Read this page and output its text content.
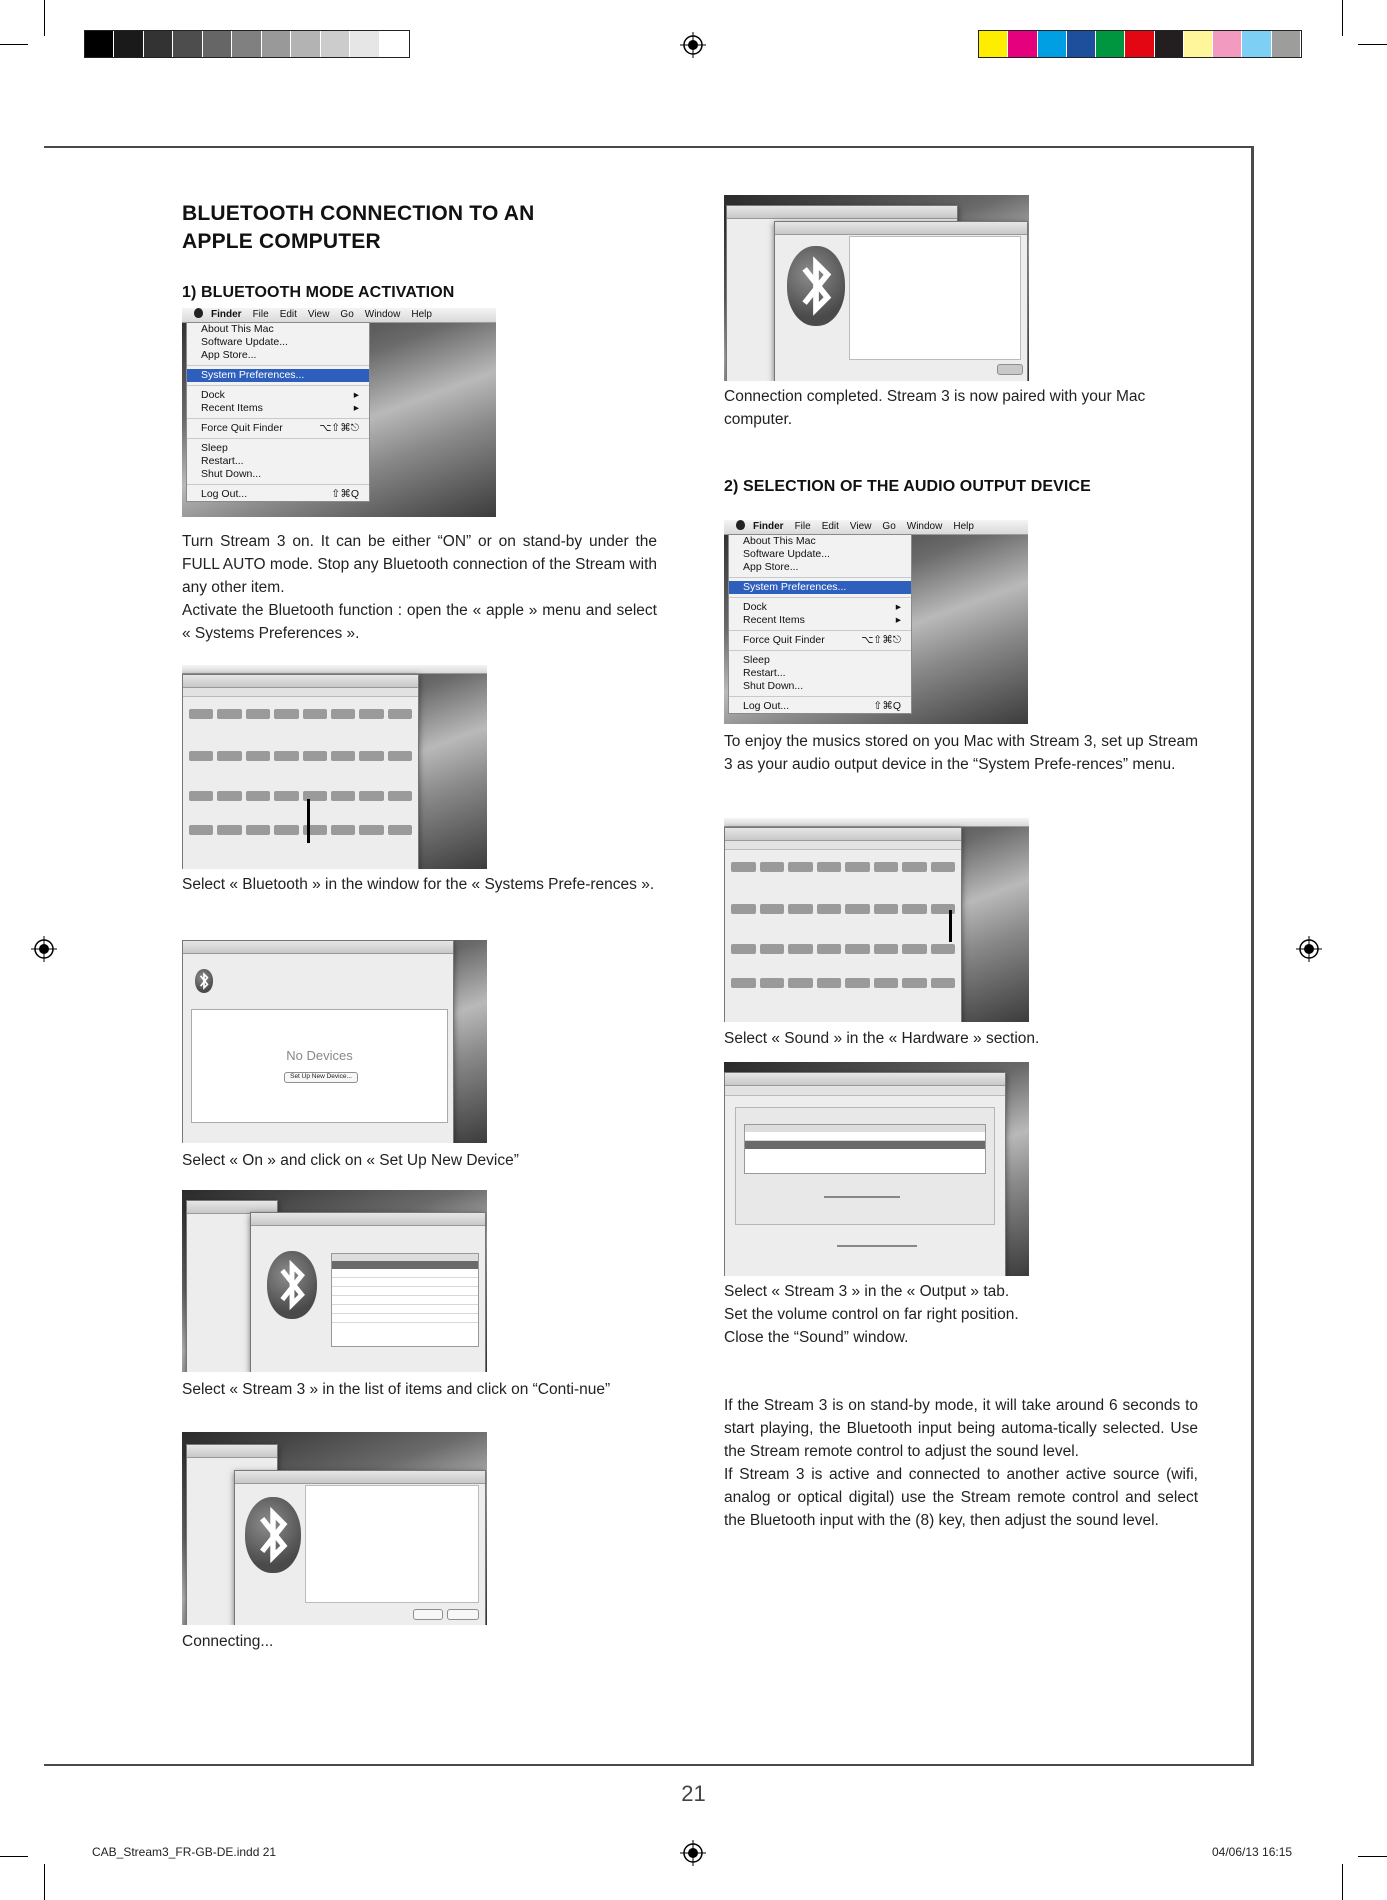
BLUETOOTH CONNECTION TO AN
APPLE COMPUTER
1) BLUETOOTH MODE ACTIVATION
Finder File Edit View Go Window Help
About This Mac
Software Update...
App Store...
System Preferences...
Dock	▸
Recent Items	▸
Force Quit Finder	⌥⇧⌘⎋
Sleep
Restart...
Shut Down...
Log Out...	⇧⌘Q

Turn Stream 3 on. It can be either “ON” or on stand-by under the FULL AUTO mode. Stop any Bluetooth connection of the Stream with any other item.

Activate the Bluetooth function : open the « apple » menu and select « Systems Preferences ».

Select « Bluetooth » in the window for the « Systems Prefe-rences ».

No Devices
Set Up New Device...

Select « On » and click on « Set Up New Device”

Select « Stream 3 » in the list of items and click on “Conti-nue”

Connecting...

Connection completed. Stream 3 is now paired with your Mac computer.

2) SELECTION OF THE AUDIO OUTPUT DEVICE
Finder File Edit View Go Window Help
About This Mac
Software Update...
App Store...
System Preferences...
Dock	▸
Recent Items	▸
Force Quit Finder	⌥⇧⌘⎋
Sleep
Restart...
Shut Down...
Log Out...	⇧⌘Q

To enjoy the musics stored on you Mac with Stream 3, set up Stream 3 as your audio output device in the “System Prefe-rences” menu.

Select « Sound » in the « Hardware » section.

Select « Stream 3 » in the « Output » tab.

Set the volume control on far right position.

Close the “Sound” window.

If the Stream 3 is on stand-by mode, it will take around 6 seconds to start playing, the Bluetooth input being automa-tically selected. Use the Stream remote control to adjust the sound level.

If Stream 3 is active and connected to another active source (wifi, analog or optical digital) use the Stream remote control and select the Bluetooth input with the (8) key, then adjust the sound level.

21
CAB_Stream3_FR-GB-DE.indd 21	04/06/13 16:15
